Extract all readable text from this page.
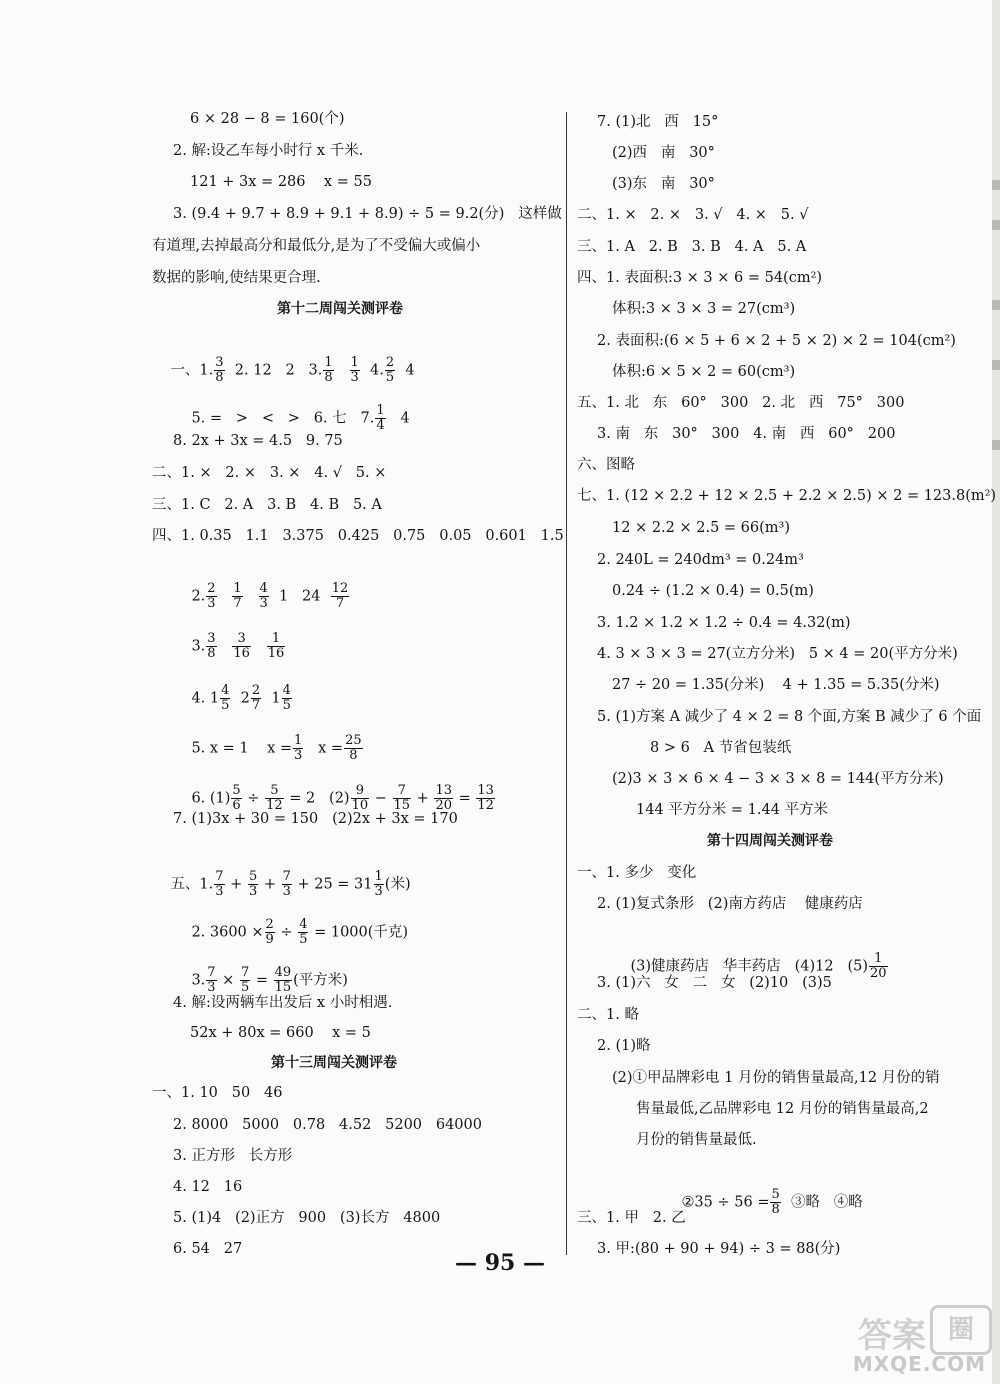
6 × 28 − 8 = 160(个)
2. 解:设乙车每小时行 x 千米.
121 + 3x = 286    x = 55
3. (9.4 + 9.7 + 8.9 + 9.1 + 8.9) ÷ 5 = 9.2(分)   这样做
有道理,去掉最高分和最低分,是为了不受偏大或偏小
数据的影响,使结果更合理.
第十二周闯关测评卷

一、1. $\frac{3}{8} 2$. 12   2   3. $\frac{1}{8}$
$\frac{1}{3} 4$. $\frac{2}{5} 4$

5. =   >   <   >   6. 七   7. $\frac{1}{4} 4$

8. 2x + 3x = 4.5   9. 75
二、1. ×   2. ×   3. ×   4. √   5. ×
三、1. C   2. A   3. B   4. B   5. A
四、1. 0.35   1.1   3.375   0.425   0.75   0.05   0.601   1.5

2. $\frac{2}{3}$
$\frac{1}{7}$
$\frac{4}{3} 1$   $24 \frac{12}{7}$

3. $\frac{3}{8}$
$\frac{3}{16}$
$\frac{1}{16}$

4. $1 \frac{4}{5} 2 \frac{2}{7} 1 \frac{4}{5}$

5. x = 1    $x = \frac{1}{3}$ $x = \frac{25}{8}$

6. $(1) \frac{5}{6} \div \frac{5}{12} = 2$   $(2) \frac{9}{10} - \frac{7}{15} + \frac{13}{20} = \frac{13}{12}$

7. (1)3x + 30 = 150   (2)2x + 3x = 170

五、1. $\frac{7}{3} + \frac{5}{3} + \frac{7}{3} + 25 = 31 \frac{1}{3}$ (米)

2. $3600 \times \frac{2}{9} \div \frac{4}{5} = 1000$(千克)

3. $\frac{7}{3} \times \frac{7}{5} = \frac{49}{15}$ (平方米)

4. 解:设两辆车出发后 x 小时相遇.
52x + 80x = 660    x = 5
第十三周闯关测评卷
一、1. 10   50   46
2. 8000   5000   0.78   4.52   5200   64000
3. 正方形   长方形
4. 12   16
5. (1)4   (2)正方   900   (3)长方   4800
6. 54   27
7. (1)北   西   15°
(2)西   南   30°
(3)东   南   30°
二、1. ×   2. ×   3. √   4. ×   5. √
三、1. A   2. B   3. B   4. A   5. A
四、1. 表面积:3 × 3 × 6 = 54(cm²)
体积:3 × 3 × 3 = 27(cm³)
2. 表面积:(6 × 5 + 6 × 2 + 5 × 2) × 2 = 104(cm²)
体积:6 × 5 × 2 = 60(cm³)
五、1. 北   东   60°   300   2. 北   西   75°   300
3. 南   东   30°   300   4. 南   西   60°   200
六、图略
七、1. (12 × 2.2 + 12 × 2.5 + 2.2 × 2.5) × 2 = 123.8(m²)
12 × 2.2 × 2.5 = 66(m³)
2. 240L = 240dm³ = 0.24m³
0.24 ÷ (1.2 × 0.4) = 0.5(m)
3. 1.2 × 1.2 × 1.2 ÷ 0.4 = 4.32(m)
4. 3 × 3 × 3 = 27(立方分米)   5 × 4 = 20(平方分米)
27 ÷ 20 = 1.35(分米)    4 + 1.35 = 5.35(分米)
5. (1)方案 A 减少了 4 × 2 = 8 个面,方案 B 减少了 6 个面
8 > 6   A 节省包装纸
(2)3 × 3 × 6 × 4 − 3 × 3 × 8 = 144(平方分米)
144 平方分米 = 1.44 平方米
第十四周闯关测评卷
一、1. 多少   变化
2. (1)复式条形   (2)南方药店    健康药店

(3)健康药店   华丰药店   (4)12   $(5) \frac{1}{20}$

3. (1)六   女   二   女   (2)10   (3)5
二、1. 略
2. (1)略
(2)①甲品牌彩电 1 月份的销售量最高,12 月份的销
售量最低,乙品牌彩电 12 月份的销售量最高,2
月份的销售量最低.

②35 ÷ $56 = \frac{5}{8}$ ③略   ④略

三、1. 甲   2. 乙
3. 甲:(80 + 90 + 94) ÷ 3 = 88(分)
— 95 —
答案 圈
MXQE.COM
